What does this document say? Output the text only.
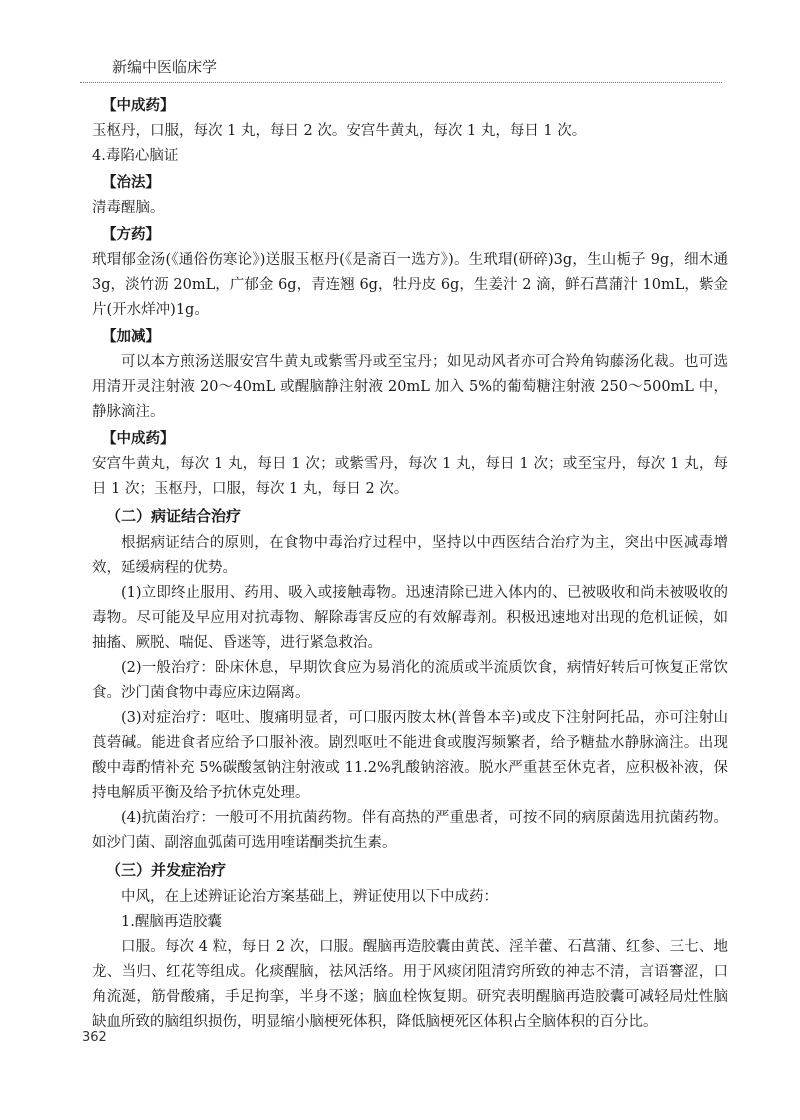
新编中医临床学

【中成药】

玉枢丹，口服，每次 1 丸，每日 2 次。安宫牛黄丸，每次 1 丸，每日 1 次。

4.毒陷心脑证

【治法】

清毒醒脑。

【方药】

玳瑁郁金汤(《通俗伤寒论》)送服玉枢丹(《是斋百一选方》)。生玳瑁(研碎)3g，生山栀子 9g，细木通 3g，淡竹沥 20mL，广郁金 6g，青连翘 6g，牡丹皮 6g，生姜汁 2 滴，鲜石菖蒲汁 10mL，紫金片(开水烊冲)1g。

【加减】

可以本方煎汤送服安宫牛黄丸或紫雪丹或至宝丹；如见动风者亦可合羚角钩藤汤化裁。也可选用清开灵注射液 20～40mL 或醒脑静注射液 20mL 加入 5%的葡萄糖注射液 250～500mL 中，静脉滴注。

【中成药】

安宫牛黄丸，每次 1 丸，每日 1 次；或紫雪丹，每次 1 丸，每日 1 次；或至宝丹，每次 1 丸，每日 1 次；玉枢丹，口服，每次 1 丸，每日 2 次。

（二）病证结合治疗

根据病证结合的原则，在食物中毒治疗过程中，坚持以中西医结合治疗为主，突出中医减毒增效，延缓病程的优势。

(1)立即终止服用、药用、吸入或接触毒物。迅速清除已进入体内的、已被吸收和尚未被吸收的毒物。尽可能及早应用对抗毒物、解除毒害反应的有效解毒剂。积极迅速地对出现的危机证候，如抽搐、厥脱、喘促、昏迷等，进行紧急救治。

(2)一般治疗：卧床休息，早期饮食应为易消化的流质或半流质饮食，病情好转后可恢复正常饮食。沙门菌食物中毒应床边隔离。

(3)对症治疗：呕吐、腹痛明显者，可口服丙胺太林(普鲁本辛)或皮下注射阿托品，亦可注射山莨菪碱。能进食者应给予口服补液。剧烈呕吐不能进食或腹泻频繁者，给予糖盐水静脉滴注。出现酸中毒酌情补充 5%碳酸氢钠注射液或 11.2%乳酸钠溶液。脱水严重甚至休克者，应积极补液，保持电解质平衡及给予抗休克处理。

(4)抗菌治疗：一般可不用抗菌药物。伴有高热的严重患者，可按不同的病原菌选用抗菌药物。如沙门菌、副溶血弧菌可选用喹诺酮类抗生素。

（三）并发症治疗

中风，在上述辨证论治方案基础上，辨证使用以下中成药：

1.醒脑再造胶囊

口服。每次 4 粒，每日 2 次，口服。醒脑再造胶囊由黄芪、淫羊藿、石菖蒲、红参、三七、地龙、当归、红花等组成。化痰醒脑，祛风活络。用于风痰闭阻清窍所致的神志不清，言语謇涩，口角流涎，筋骨酸痛，手足拘挛，半身不遂；脑血栓恢复期。研究表明醒脑再造胶囊可减轻局灶性脑缺血所致的脑组织损伤，明显缩小脑梗死体积，降低脑梗死区体积占全脑体积的百分比。

362
